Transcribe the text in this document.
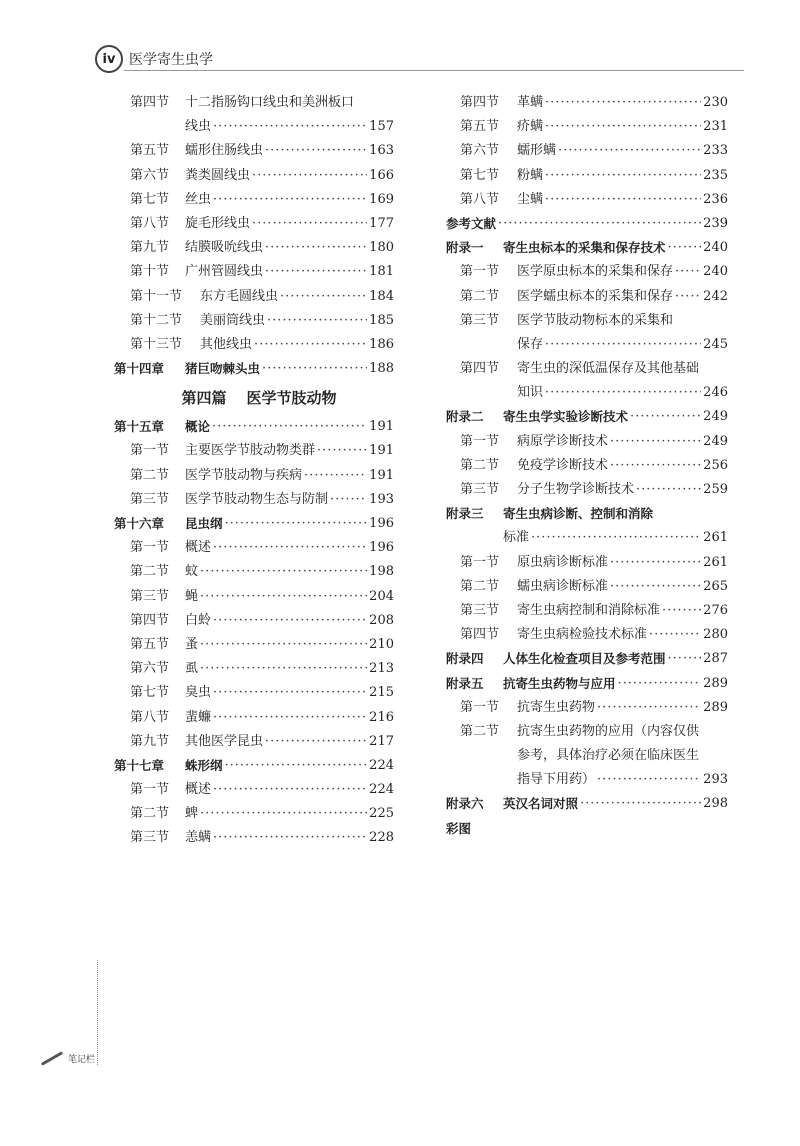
iv 医学寄生虫学
第四节 十二指肠钩口线虫和美洲板口
线虫 ·····	157
第五节 蠕形住肠线虫 ·····	163
第六节 粪类圆线虫 ·····	166
第七节 丝虫 ·····	169
第八节 旋毛形线虫 ·····	177
第九节 结膜吸吮线虫 ·····	180
第十节 广州管圆线虫 ·····	181
第十一节 东方毛圆线虫 ·····	184
第十二节 美丽筒线虫 ·····	185
第十三节 其他线虫 ·····	186
第十四章 猪巨吻棘头虫 ·····	188
第四篇 医学节肢动物
第十五章 概论 ·····	191
第一节 主要医学节肢动物类群 ·····	191
第二节 医学节肢动物与疾病 ·····	191
第三节 医学节肢动物生态与防制 ·····	193
第十六章 昆虫纲 ·····	196
第一节 概述 ·····	196
第二节 蚊 ·····	198
第三节 蝇 ·····	204
第四节 白蛉 ·····	208
第五节 蚤 ·····	210
第六节 虱 ·····	213
第七节 臭虫 ·····	215
第八节 蜚蠊 ·····	216
第九节 其他医学昆虫 ·····	217
第十七章 蛛形纲 ·····	224
第一节 概述 ·····	224
第二节 蜱 ·····	225
第三节 恙螨 ·····	228
第四节 革螨 ·····	230
第五节 疥螨 ·····	231
第六节 蠕形螨 ·····	233
第七节 粉螨 ·····	235
第八节 尘螨 ·····	236
参考文献 ·····	239
附录一 寄生虫标本的采集和保存技术 ·····	240
第一节 医学原虫标本的采集和保存 ····· 240
第二节 医学蠕虫标本的采集和保存 ····· 242
第三节 医学节肢动物标本的采集和
保存 ·····	245
第四节 寄生虫的深低温保存及其他基础
知识 ·····	246
附录二 寄生虫学实验诊断技术 ·····	249
第一节 病原学诊断技术 ·····	249
第二节 免疫学诊断技术 ·····	256
第三节 分子生物学诊断技术 ·····	259
附录三 寄生虫病诊断、控制和消除
标准 ·····	261
第一节 原虫病诊断标准 ·····	261
第二节 蠕虫病诊断标准 ·····	265
第三节 寄生虫病控制和消除标准 ·····	276
第四节 寄生虫病检验技术标准 ·····	280
附录四 人体生化检查项目及参考范围 ·····	287
附录五 抗寄生虫药物与应用 ·····	289
第一节 抗寄生虫药物 ·····	289
第二节 抗寄生虫药物的应用（内容仅供
参考，具体治疗必须在临床医生
指导下用药） ·····	293
附录六 英汉名词对照 ·····	298
彩图
笔记栏
